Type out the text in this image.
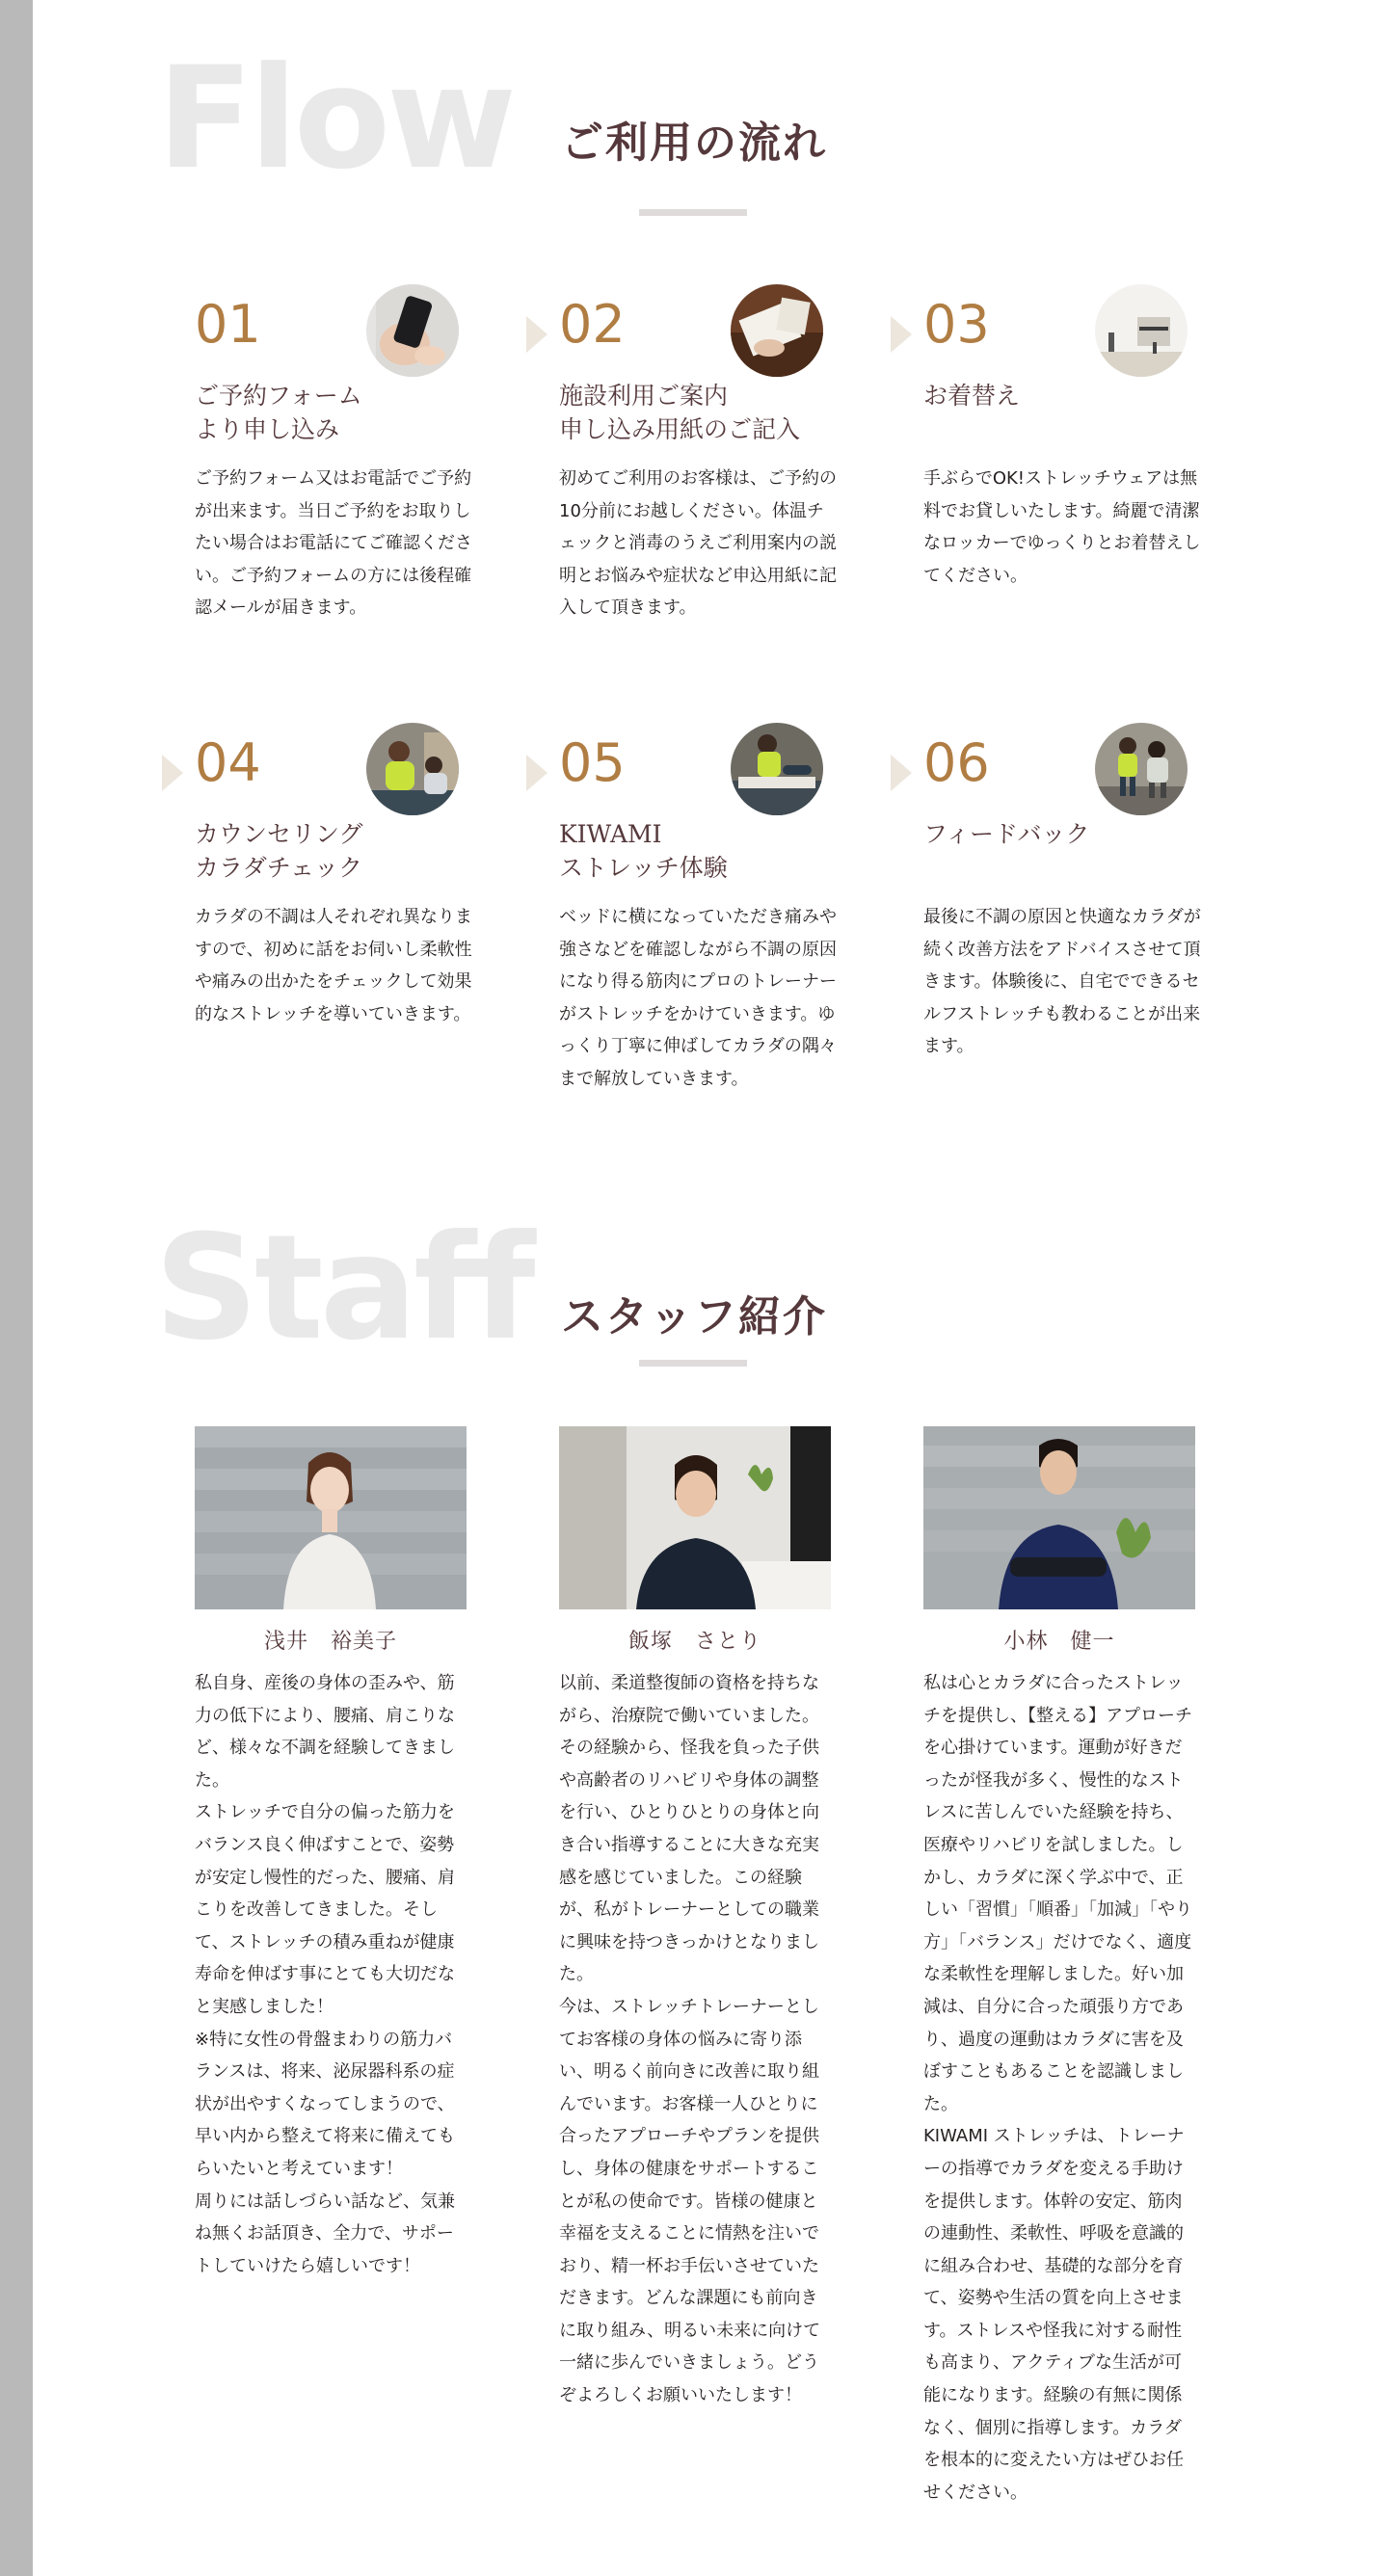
Flow	ご利用の流れ
01
ご予約フォーム
より申し込み

ご予約フォーム又はお電話でご予約が出来ます。当日ご予約をお取りしたい場合はお電話にてご確認ください。ご予約フォームの方には後程確認メールが届きます。

02
施設利用ご案内
申し込み用紙のご記入

初めてご利用のお客様は、ご予約の10分前にお越しください。体温チェックと消毒のうえご利用案内の説明とお悩みや症状など申込用紙に記入して頂きます。

03
お着替え

手ぶらでOK!ストレッチウェアは無料でお貸しいたします。綺麗で清潔なロッカーでゆっくりとお着替えしてください。

04
カウンセリング
カラダチェック

カラダの不調は人それぞれ異なりますので、初めに話をお伺いし柔軟性や痛みの出かたをチェックして効果的なストレッチを導いていきます。

05
KIWAMI
ストレッチ体験

ベッドに横になっていただき痛みや強さなどを確認しながら不調の原因になり得る筋肉にプロのトレーナーがストレッチをかけていきます。ゆっくり丁寧に伸ばしてカラダの隅々まで解放していきます。

06
フィードバック

最後に不調の原因と快適なカラダが続く改善方法をアドバイスさせて頂きます。体験後に、自宅でできるセルフストレッチも教わることが出来ます。

Staff スタッフ紹介
浅井　裕美子

私自身、産後の身体の歪みや、筋力の低下により、腰痛、肩こりなど、様々な不調を経験してきました。
ストレッチで自分の偏った筋力をバランス良く伸ばすことで、姿勢が安定し慢性的だった、腰痛、肩こりを改善してきました。そして、ストレッチの積み重ねが健康寿命を伸ばす事にとても大切だなと実感しました！
※特に女性の骨盤まわりの筋力バランスは、将来、泌尿器科系の症状が出やすくなってしまうので、早い内から整えて将来に備えてもらいたいと考えています！
周りには話しづらい話など、気兼ね無くお話頂き、全力で、サポートしていけたら嬉しいです！

飯塚　さとり

以前、柔道整復師の資格を持ちながら、治療院で働いていました。その経験から、怪我を負った子供や高齢者のリハビリや身体の調整を行い、ひとりひとりの身体と向き合い指導することに大きな充実感を感じていました。この経験が、私がトレーナーとしての職業に興味を持つきっかけとなりました。
今は、ストレッチトレーナーとしてお客様の身体の悩みに寄り添い、明るく前向きに改善に取り組んでいます。お客様一人ひとりに合ったアプローチやプランを提供し、身体の健康をサポートすることが私の使命です。皆様の健康と幸福を支えることに情熱を注いでおり、精一杯お手伝いさせていただきます。どんな課題にも前向きに取り組み、明るい未来に向けて一緒に歩んでいきましょう。どうぞよろしくお願いいたします！

小林　健一

私は心とカラダに合ったストレッチを提供し、【整える】アプローチを心掛けています。運動が好きだったが怪我が多く、慢性的なストレスに苦しんでいた経験を持ち、医療やリハビリを試しました。しかし、カラダに深く学ぶ中で、正しい「習慣」「順番」「加減」「やり方」「バランス」だけでなく、適度な柔軟性を理解しました。好い加減は、自分に合った頑張り方であり、過度の運動はカラダに害を及ぼすこともあることを認識しました。
KIWAMI ストレッチは、トレーナーの指導でカラダを変える手助けを提供します。体幹の安定、筋肉の連動性、柔軟性、呼吸を意識的に組み合わせ、基礎的な部分を育て、姿勢や生活の質を向上させます。ストレスや怪我に対する耐性も高まり、アクティブな生活が可能になります。経験の有無に関係なく、個別に指導します。カラダを根本的に変えたい方はぜひお任せください。
